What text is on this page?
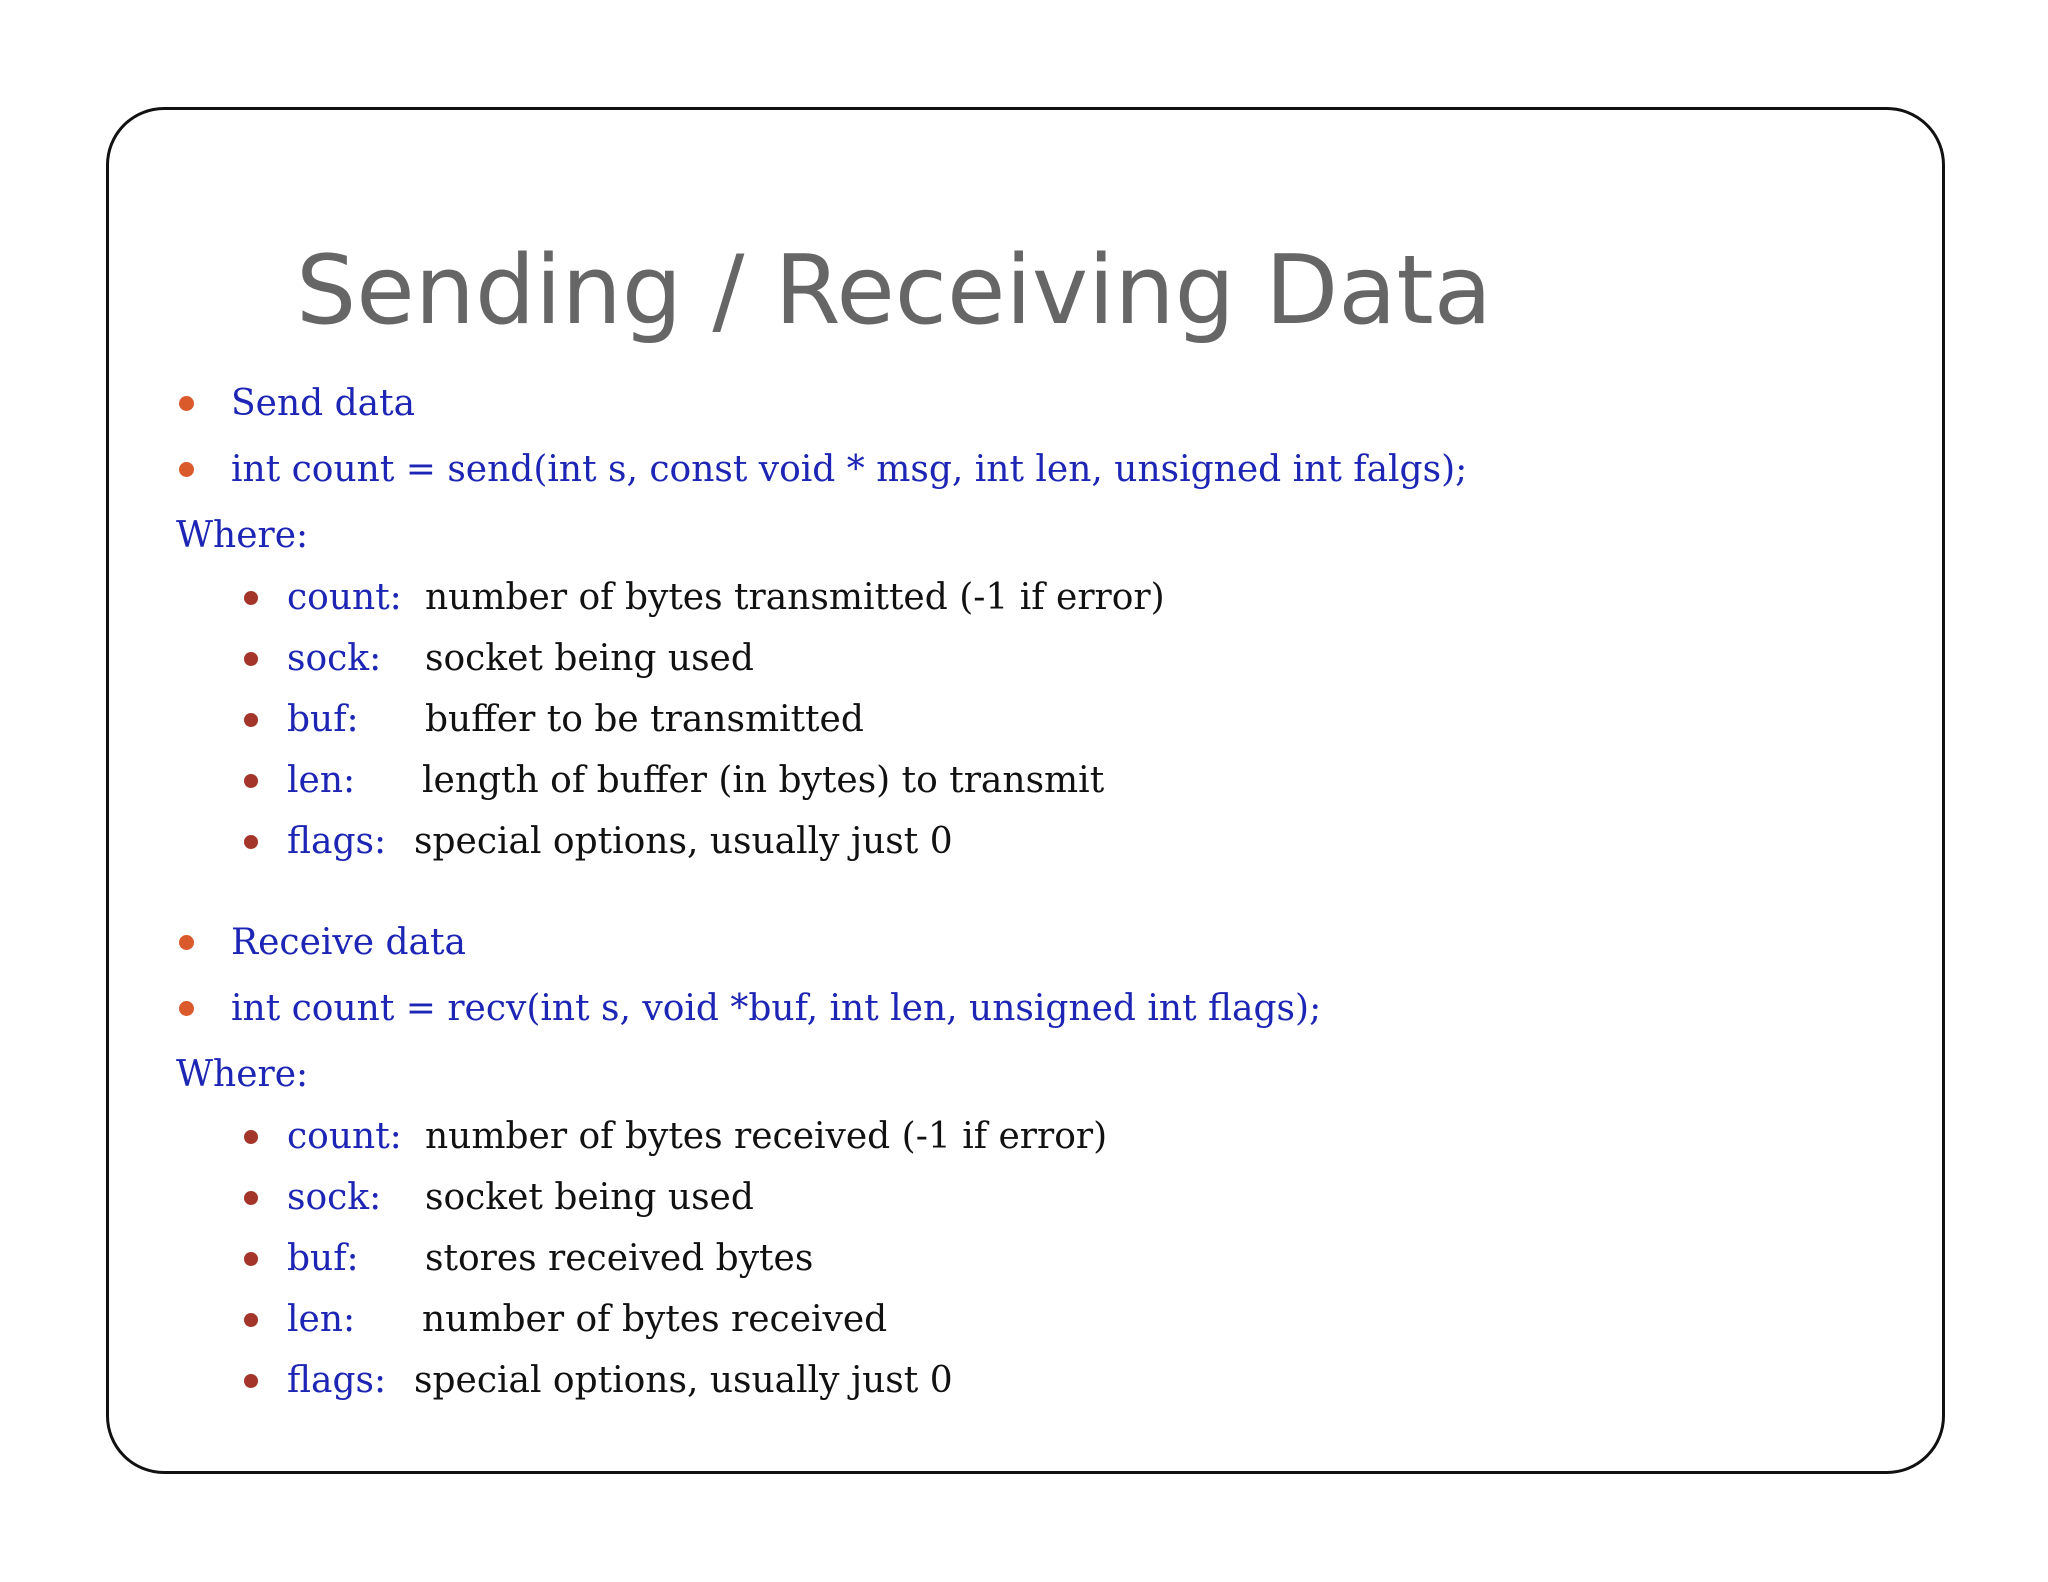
Sending / Receiving Data
Send data
int count = send(int s, const void * msg, int len, unsigned int falgs);
Where:
count: number of bytes transmitted (-1 if error)
sock: socket being used
buf: buffer to be transmitted
len: length of buffer (in bytes) to transmit
flags: special options, usually just 0
Receive data
int count = recv(int s, void *buf, int len, unsigned int flags);
Where:
count: number of bytes received (-1 if error)
sock: socket being used
buf: stores received bytes
len: number of bytes received
flags: special options, usually just 0
